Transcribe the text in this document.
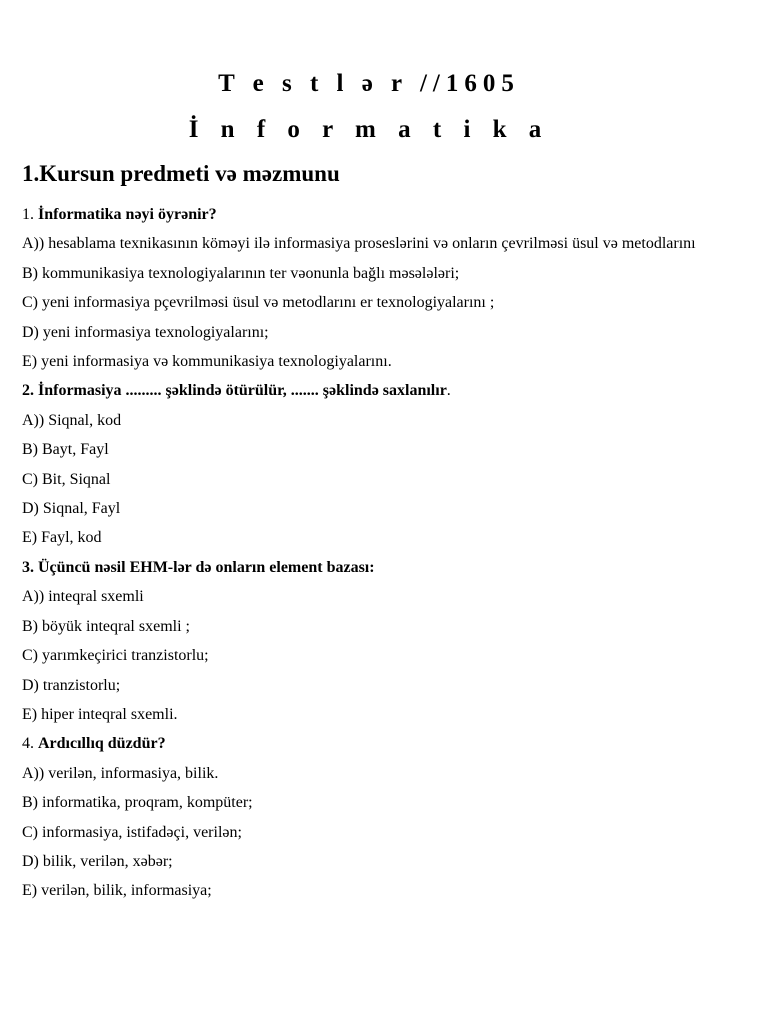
T e s t l ə r //1605
İ n f o r m a t i k a
1.Kursun predmeti və məzmunu
1. İnformatika nəyi öyrənir?
A)) hesablama texnikasının köməyi ilə informasiya proseslərini və onların çevrilməsi üsul və metodlarını
B) kommunikasiya texnologiyalarının ter vəonunla bağlı məsələləri;
C) yeni informasiya pçevrilməsi üsul və metodlarını er texnologiyalarını ;
D) yeni informasiya texnologiyalarını;
E) yeni informasiya və kommunikasiya texnologiyalarını.
2. İnformasiya ......... şəklində ötürülür, ....... şəklində saxlanılır.
A)) Siqnal, kod
B) Bayt, Fayl
C) Bit, Siqnal
D) Siqnal, Fayl
E) Fayl, kod
3. Üçüncü nəsil EHM-lər də onların element bazası:
A)) inteqral sxemli
B) böyük inteqral sxemli ;
C) yarımkeçirici tranzistorlu;
D) tranzistorlu;
E) hiper inteqral sxemli.
4. Ardıcıllıq düzdür?
A)) verilən, informasiya, bilik.
B) informatika, proqram, kompüter;
C) informasiya, istifadəçi, verilən;
D) bilik, verilən, xəbər;
E) verilən, bilik, informasiya;
